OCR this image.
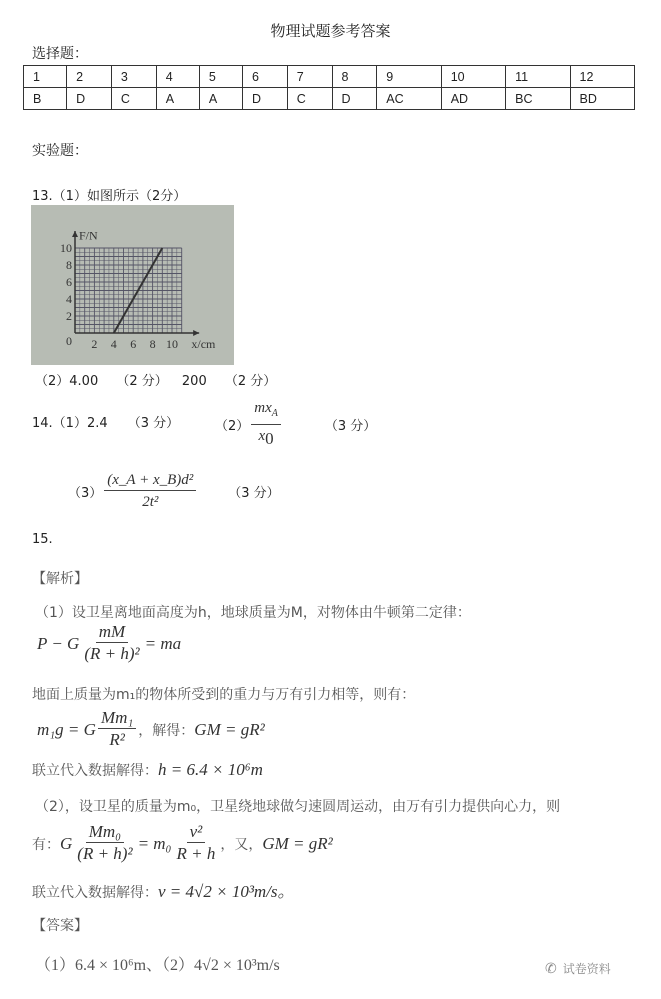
物理试题参考答案
选择题：
1	2	3	4	5	6	7	8	9	10	11	12
B	D	C	A	A	D	C	D	AC	AD	BC	BD
实验题：
13.（1）如图所示（2分）
10
8
6
4
2
2 4 6 8 10
0
F/N
x/cm
（2）4.00 （2 分） 200 （2 分）
14.（1）2.4 （3 分）	$(2) \frac{mx_A}{x_0}$	（3 分）
$(3) \frac{\text{(x\_A + x\_B)d²}}{\text{2t²}} (3$ 分）
15.
【解析】
（1）设卫星离地面高度为h，地球质量为M，对物体由牛顿第二定律：
P − G $\frac{mM}{\text{(R + h)²}}$ = ma
地面上质量为m₁的物体所受到的重力与万有引力相等，则有：
m₁g = G $\frac{\text{Mm₁}}{\text{R²}}$ ，解得： GM = gR²
联立代入数据解得：h = 6.4 × 10⁶m
（2），设卫星的质量为m₀，卫星绕地球做匀速圆周运动，由万有引力提供向心力，则
有： G $\frac{\text{Mm₀}}{\text{(R + h)²}} = m_0 \frac{\text{v²}}{R + h}$ ，又， GM = gR²
联立代入数据解得：v = 4√2 × 10³m/s。
【答案】
（1）6.4 × 10⁶m、（2）4√2 × 10³m/s	✆ 试卷资料
